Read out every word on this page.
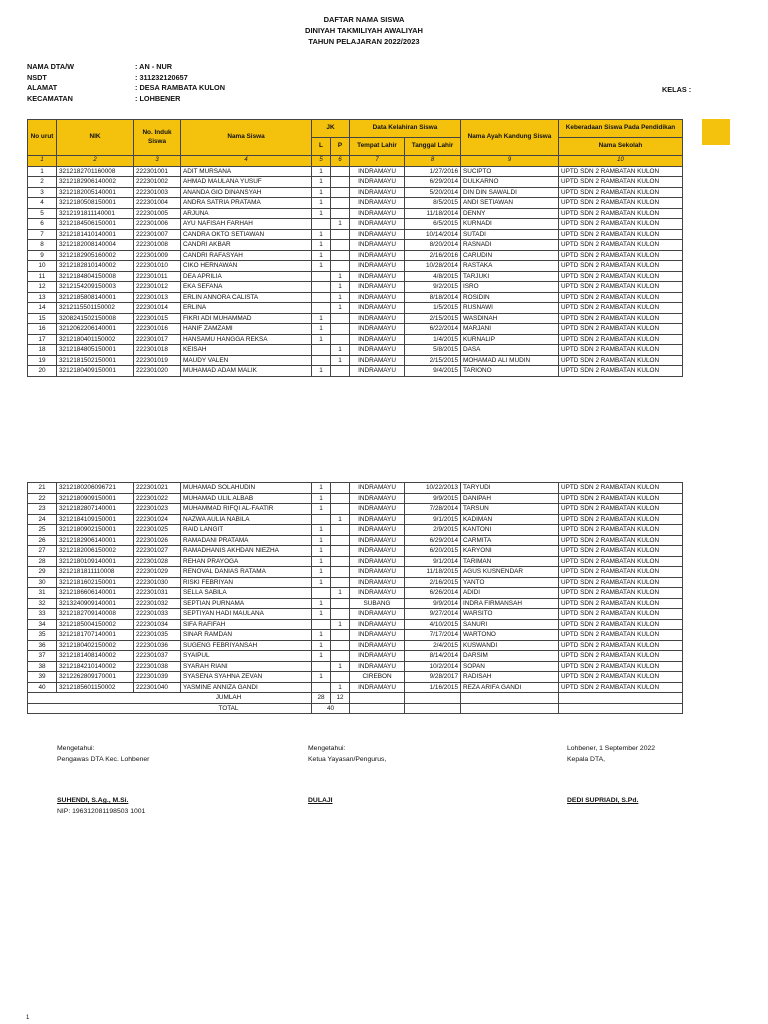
DAFTAR NAMA SISWA
DINIYAH TAKMILIYAH AWALIYAH
TAHUN PELAJARAN 2022/2023
NAMA DTA/W	: AN - NUR
NSDT	: 311232120657
ALAMAT	: DESA RAMBATA KULON
KECAMATAN	: LOHBENER
KELAS :
No urut	NIK	No. Induk Siswa	Nama Siswa	JK		Data Kelahiran Siswa		Nama Ayah Kandung Siswa	Keberadaan Siswa Pada Pendidikan
				L	P	Tempat Lahir	Tanggal Lahir		Nama Sekolah
1	2	3	4	5	6	7	8	9	10
1	3212182701160008	222301001	ADIT MURSANA	1		INDRAMAYU	1/27/2016	SUCIPTO	UPTD SDN 2 RAMBATAN KULON
2	3212182906140002	222301002	AHMAD MAULANA YUSUF	1		INDRAMAYU	6/29/2014	DULKARNO	UPTD SDN 2 RAMBATAN KULON
3	3212182005140001	222301003	ANANDA GIO DINANSYAH	1		INDRAMAYU	5/20/2014	DIN DIN SAWALDI	UPTD SDN 2 RAMBATAN KULON
4	3212180508150001	222301004	ANDRA SATRIA PRATAMA	1		INDRAMAYU	8/5/2015	ANDI SETIAWAN	UPTD SDN 2 RAMBATAN KULON
5	3212191811140001	222301005	ARJUNA	1		INDRAMAYU	11/18/2014	DENNY	UPTD SDN 2 RAMBATAN KULON
6	3212184506150001	222301006	AYU NAFISAH FARHAH		1	INDRAMAYU	6/5/2015	KURNADI	UPTD SDN 2 RAMBATAN KULON
7	3212181410140001	222301007	CANDRA OKTO SETIAWAN	1		INDRAMAYU	10/14/2014	SUTADI	UPTD SDN 2 RAMBATAN KULON
8	3212182008140004	222301008	CANDRI AKBAR	1		INDRAMAYU	8/20/2014	RASNADI	UPTD SDN 2 RAMBATAN KULON
9	3212182905160002	222301009	CANDRI RAFASYAH	1		INDRAMAYU	2/16/2016	CARUDIN	UPTD SDN 2 RAMBATAN KULON
10	3212182810140002	222301010	CIKO HERNAWAN	1		INDRAMAYU	10/28/2014	RASTAKA	UPTD SDN 2 RAMBATAN KULON
11	3212184804150008	222301011	DEA APRILIA		1	INDRAMAYU	4/8/2015	TARJUKI	UPTD SDN 2 RAMBATAN KULON
12	3212154209150003	222301012	EKA SEFANA		1	INDRAMAYU	9/2/2015	ISRO	UPTD SDN 2 RAMBATAN KULON
13	3212185808140001	222301013	ERLIN ANNORA CALISTA		1	INDRAMAYU	8/18/2014	ROSIDIN	UPTD SDN 2 RAMBATAN KULON
14	3212115501150002	222301014	ERLINA		1	INDRAMAYU	1/5/2015	RUSNAWI	UPTD SDN 2 RAMBATAN KULON
15	3208241502150008	222301015	FIKRI ADI MUHAMMAD	1		INDRAMAYU	2/15/2015	WASDINAH	UPTD SDN 2 RAMBATAN KULON
16	3212062206140001	222301016	HANIF ZAMZAMI	1		INDRAMAYU	6/22/2014	MARJANI	UPTD SDN 2 RAMBATAN KULON
17	3212180401150002	222301017	HANSAMU HANGGA REKSA	1		INDRAMAYU	1/4/2015	KURNALIP	UPTD SDN 2 RAMBATAN KULON
18	3212184805150001	222301018	KEISAH		1	INDRAMAYU	5/8/2015	DASA	UPTD SDN 2 RAMBATAN KULON
19	3212181502150001	222301019	MAUDY VALEN		1	INDRAMAYU	2/15/2015	MOHAMAD ALI MUDIN	UPTD SDN 2 RAMBATAN KULON
20	3212180409150001	222301020	MUHAMAD ADAM MALIK	1		INDRAMAYU	9/4/2015	TARIONO	UPTD SDN 2 RAMBATAN KULON
21	3212180206096721	222301021	MUHAMAD SOLAHUDIN	1		INDRAMAYU	10/22/2013	TARYUDI	UPTD SDN 2 RAMBATAN KULON
22	3212180909150001	222301022	MUHAMAD ULIL ALBAB	1		INDRAMAYU	9/9/2015	DANIPAH	UPTD SDN 2 RAMBATAN KULON
23	3212182807140001	222301023	MUHAMMAD RIFQI AL-FAATIR	1		INDRAMAYU	7/28/2014	TARSUN	UPTD SDN 2 RAMBATAN KULON
24	3212184109150001	222301024	NAZWA AULIA NABILA		1	INDRAMAYU	9/1/2015	KADIMAN	UPTD SDN 2 RAMBATAN KULON
25	3212180902150001	222301025	RAID LANGIT	1		INDRAMAYU	2/9/2015	KANTONI	UPTD SDN 2 RAMBATAN KULON
26	3212182906140001	222301026	RAMADANI PRATAMA	1		INDRAMAYU	6/29/2014	CARMITA	UPTD SDN 2 RAMBATAN KULON
27	3212182006150002	222301027	RAMADHANIS AKHDAN NIEZHA	1		INDRAMAYU	6/20/2015	KARYONI	UPTD SDN 2 RAMBATAN KULON
28	3212180109140001	222301028	REHAN PRAYOGA	1		INDRAMAYU	9/1/2014	TARIMAN	UPTD SDN 2 RAMBATAN KULON
29	3212181811110008	222301029	RENOVAL DANIAS RATAMA	1		INDRAMAYU	11/18/2015	AGUS KUSNENDAR	UPTD SDN 2 RAMBATAN KULON
30	3212181602150001	222301030	RISKI FEBRIYAN	1		INDRAMAYU	2/16/2015	YANTO	UPTD SDN 2 RAMBATAN KULON
31	3212186606140001	222301031	SELLA SABILA		1	INDRAMAYU	6/26/2014	ADIDI	UPTD SDN 2 RAMBATAN KULON
32	3213240909140001	222301032	SEPTIAN PURNAMA	1		SUBANG	9/9/2014	INDRA FIRMANSAH	UPTD SDN 2 RAMBATAN KULON
33	3212182709140008	222301033	SEPTIYAN HADI MAULANA	1		INDRAMAYU	9/27/2014	WARSITO	UPTD SDN 2 RAMBATAN KULON
34	3212185004150002	222301034	SIFA RAFIFAH		1	INDRAMAYU	4/10/2015	SANURI	UPTD SDN 2 RAMBATAN KULON
35	3212181707140001	222301035	SINAR RAMDAN	1		INDRAMAYU	7/17/2014	WARTONO	UPTD SDN 2 RAMBATAN KULON
36	3212180402150002	222301036	SUGENG FEBRIYANSAH	1		INDRAMAYU	2/4/2015	KUSWANDI	UPTD SDN 2 RAMBATAN KULON
37	3212181408140002	222301037	SYAIPUL	1		INDRAMAYU	8/14/2014	DARSIM	UPTD SDN 2 RAMBATAN KULON
38	3212184210140002	222301038	SYARAH RIANI		1	INDRAMAYU	10/2/2014	SOPAN	UPTD SDN 2 RAMBATAN KULON
39	3212262809170001	222301039	SYASENA SYAHNA ZEVAN	1		CIREBON	9/28/2017	RADISAH	UPTD SDN 2 RAMBATAN KULON
40	3212185601150002	222301040	YASMINE ANNIZA GANDI		1	INDRAMAYU	1/16/2015	REZA ARIFA GANDI	UPTD SDN 2 RAMBATAN KULON
JUMLAH				28	12				
TOTAL				40					
Mengetahui:
Pengawas DTA Kec. Lohbener
SUHENDI, S.Ag., M.Si.
NIP: 196312081198503 1001
Mengetahui:
Ketua Yayasan/Pengurus,
DULAJI
Lohbener, 1 September 2022
Kepala DTA,
DEDI SUPRIADI, S.Pd.
1
